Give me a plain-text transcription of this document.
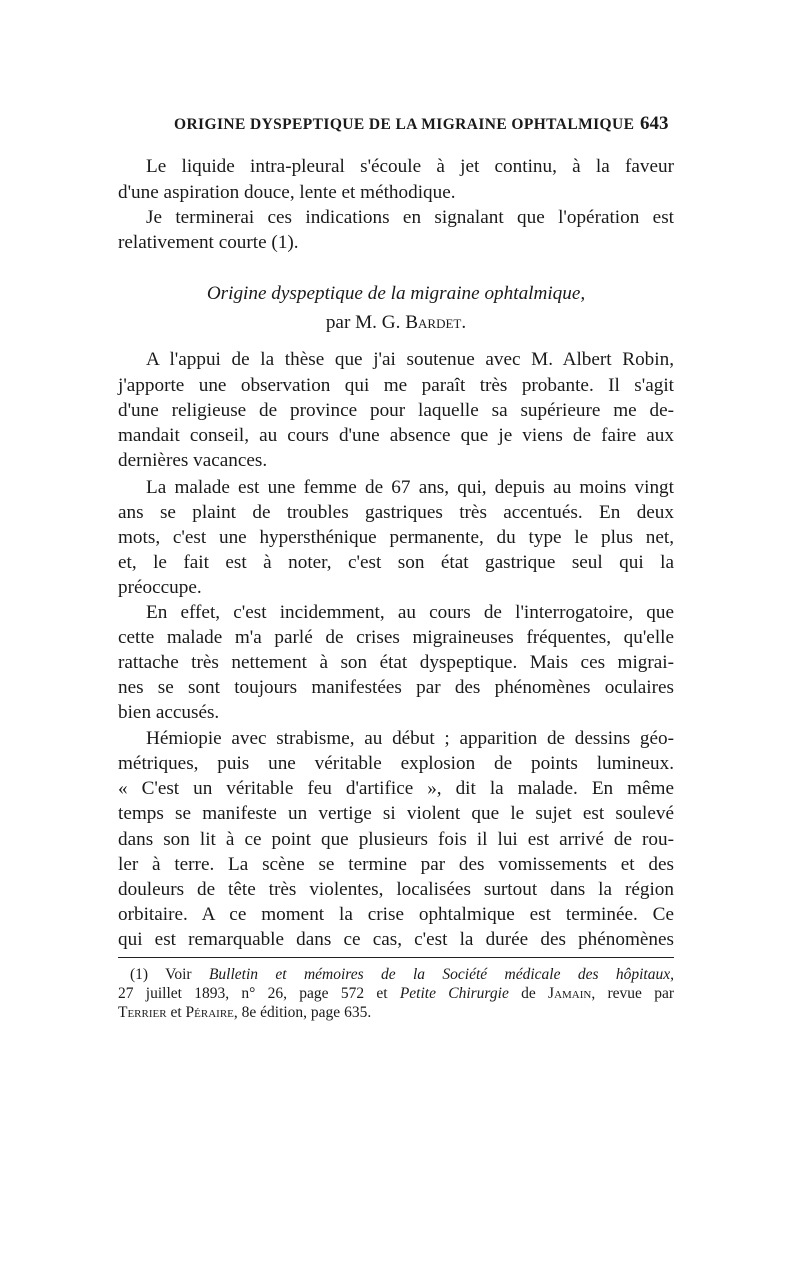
ORIGINE DYSPEPTIQUE DE LA MIGRAINE OPHTALMIQUE 643
Le liquide intra-pleural s'écoule à jet continu, à la faveur
d'une aspiration douce, lente et méthodique.
Je terminerai ces indications en signalant que l'opération est
relativement courte (1).
Origine dyspeptique de la migraine ophtalmique,
par M. G. Bardet.
A l'appui de la thèse que j'ai soutenue avec M. Albert Robin,
j'apporte une observation qui me paraît très probante. Il s'agit
d'une religieuse de province pour laquelle sa supérieure me de-
mandait conseil, au cours d'une absence que je viens de faire aux
dernières vacances.
La malade est une femme de 67 ans, qui, depuis au moins vingt
ans se plaint de troubles gastriques très accentués. En deux
mots, c'est une hypersthénique permanente, du type le plus net,
et, le fait est à noter, c'est son état gastrique seul qui la
préoccupe.
En effet, c'est incidemment, au cours de l'interrogatoire, que
cette malade m'a parlé de crises migraineuses fréquentes, qu'elle
rattache très nettement à son état dyspeptique. Mais ces migrai-
nes se sont toujours manifestées par des phénomènes oculaires
bien accusés.
Hémiopie avec strabisme, au début ; apparition de dessins géo-
métriques, puis une véritable explosion de points lumineux.
« C'est un véritable feu d'artifice », dit la malade. En même
temps se manifeste un vertige si violent que le sujet est soulevé
dans son lit à ce point que plusieurs fois il lui est arrivé de rou-
ler à terre. La scène se termine par des vomissements et des
douleurs de tête très violentes, localisées surtout dans la région
orbitaire. A ce moment la crise ophtalmique est terminée. Ce
qui est remarquable dans ce cas, c'est la durée des phénomènes
(1) Voir Bulletin et mémoires de la Société médicale des hôpitaux,
27 juillet 1893, n° 26, page 572 et Petite Chirurgie de Jamain, revue par
Terrier et Péraire, 8e édition, page 635.
